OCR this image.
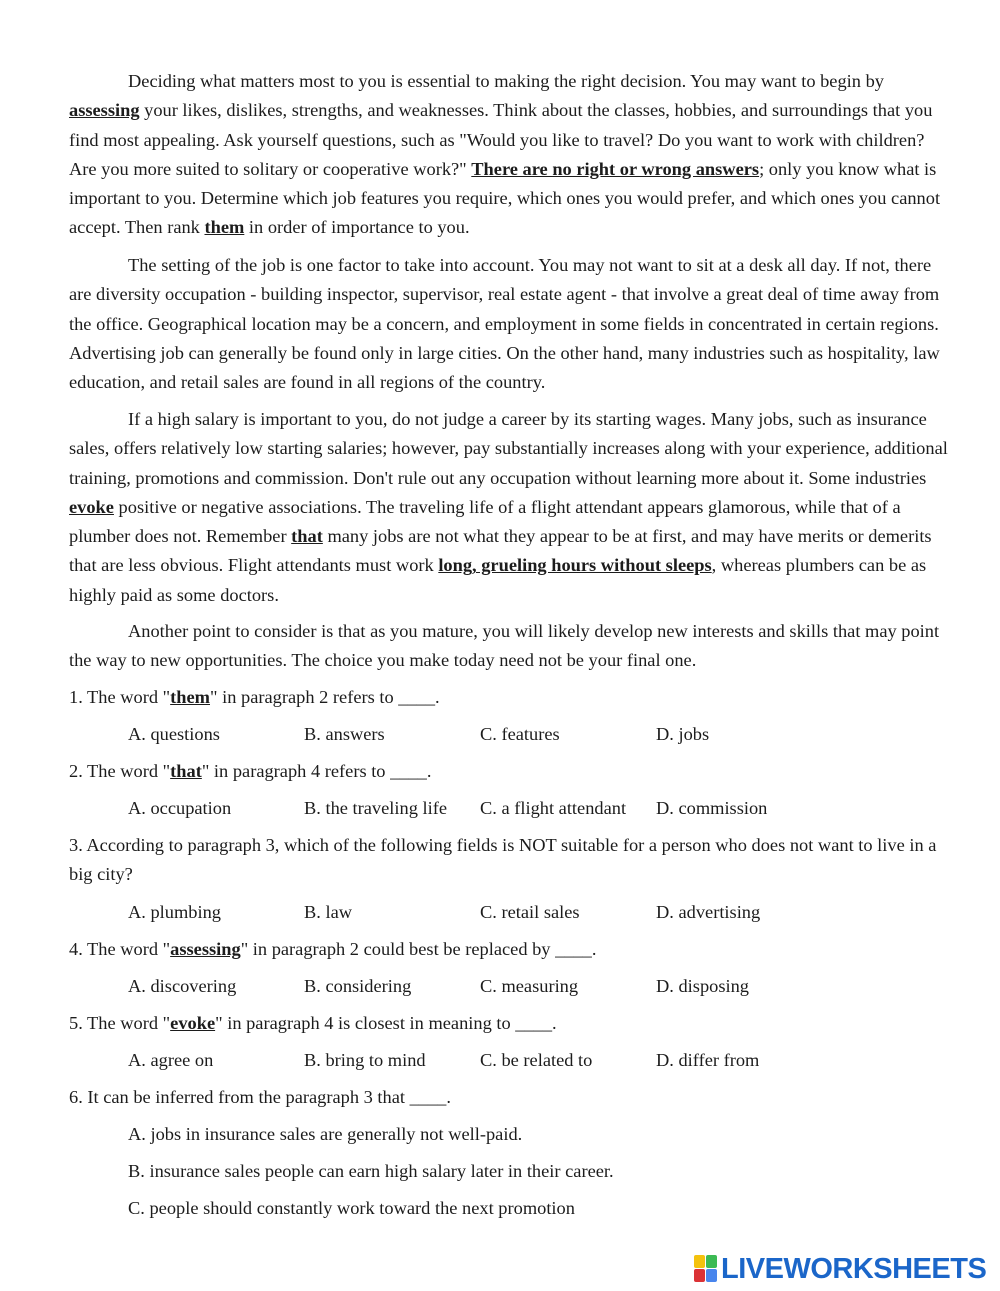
Deciding what matters most to you is essential to making the right decision. You may want to begin by assessing your likes, dislikes, strengths, and weaknesses. Think about the classes, hobbies, and surroundings that you find most appealing. Ask yourself questions, such as "Would you like to travel? Do you want to work with children? Are you more suited to solitary or cooperative work?" There are no right or wrong answers; only you know what is important to you. Determine which job features you require, which ones you would prefer, and which ones you cannot accept. Then rank them in order of importance to you.

The setting of the job is one factor to take into account. You may not want to sit at a desk all day. If not, there are diversity occupation - building inspector, supervisor, real estate agent - that involve a great deal of time away from the office. Geographical location may be a concern, and employment in some fields in concentrated in certain regions. Advertising job can generally be found only in large cities. On the other hand, many industries such as hospitality, law education, and retail sales are found in all regions of the country.

If a high salary is important to you, do not judge a career by its starting wages. Many jobs, such as insurance sales, offers relatively low starting salaries; however, pay substantially increases along with your experience, additional training, promotions and commission. Don't rule out any occupation without learning more about it. Some industries evoke positive or negative associations. The traveling life of a flight attendant appears glamorous, while that of a plumber does not. Remember that many jobs are not what they appear to be at first, and may have merits or demerits that are less obvious. Flight attendants must work long, grueling hours without sleeps, whereas plumbers can be as highly paid as some doctors.

Another point to consider is that as you mature, you will likely develop new interests and skills that may point the way to new opportunities. The choice you make today need not be your final one.

1. The word "them" in paragraph 2 refers to ____.

A. questions	B. answers	C. features	D. jobs

2. The word "that" in paragraph 4 refers to ____.

A. occupation	B. the traveling life C. a flight attendant D. commission

3. According to paragraph 3, which of the following fields is NOT suitable for a person who does not want to live in a big city?

A. plumbing	B. law	C. retail sales	D. advertising

4. The word "assessing" in paragraph 2 could best be replaced by ____.

A. discovering	B. considering	C. measuring	D. disposing

5. The word "evoke" in paragraph 4 is closest in meaning to ____.

A. agree on	B. bring to mind	C. be related to	D. differ from

6. It can be inferred from the paragraph 3 that ____.

A. jobs in insurance sales are generally not well-paid.
B. insurance sales people can earn high salary later in their career.
C. people should constantly work toward the next promotion
LIVEWORKSHEETS
